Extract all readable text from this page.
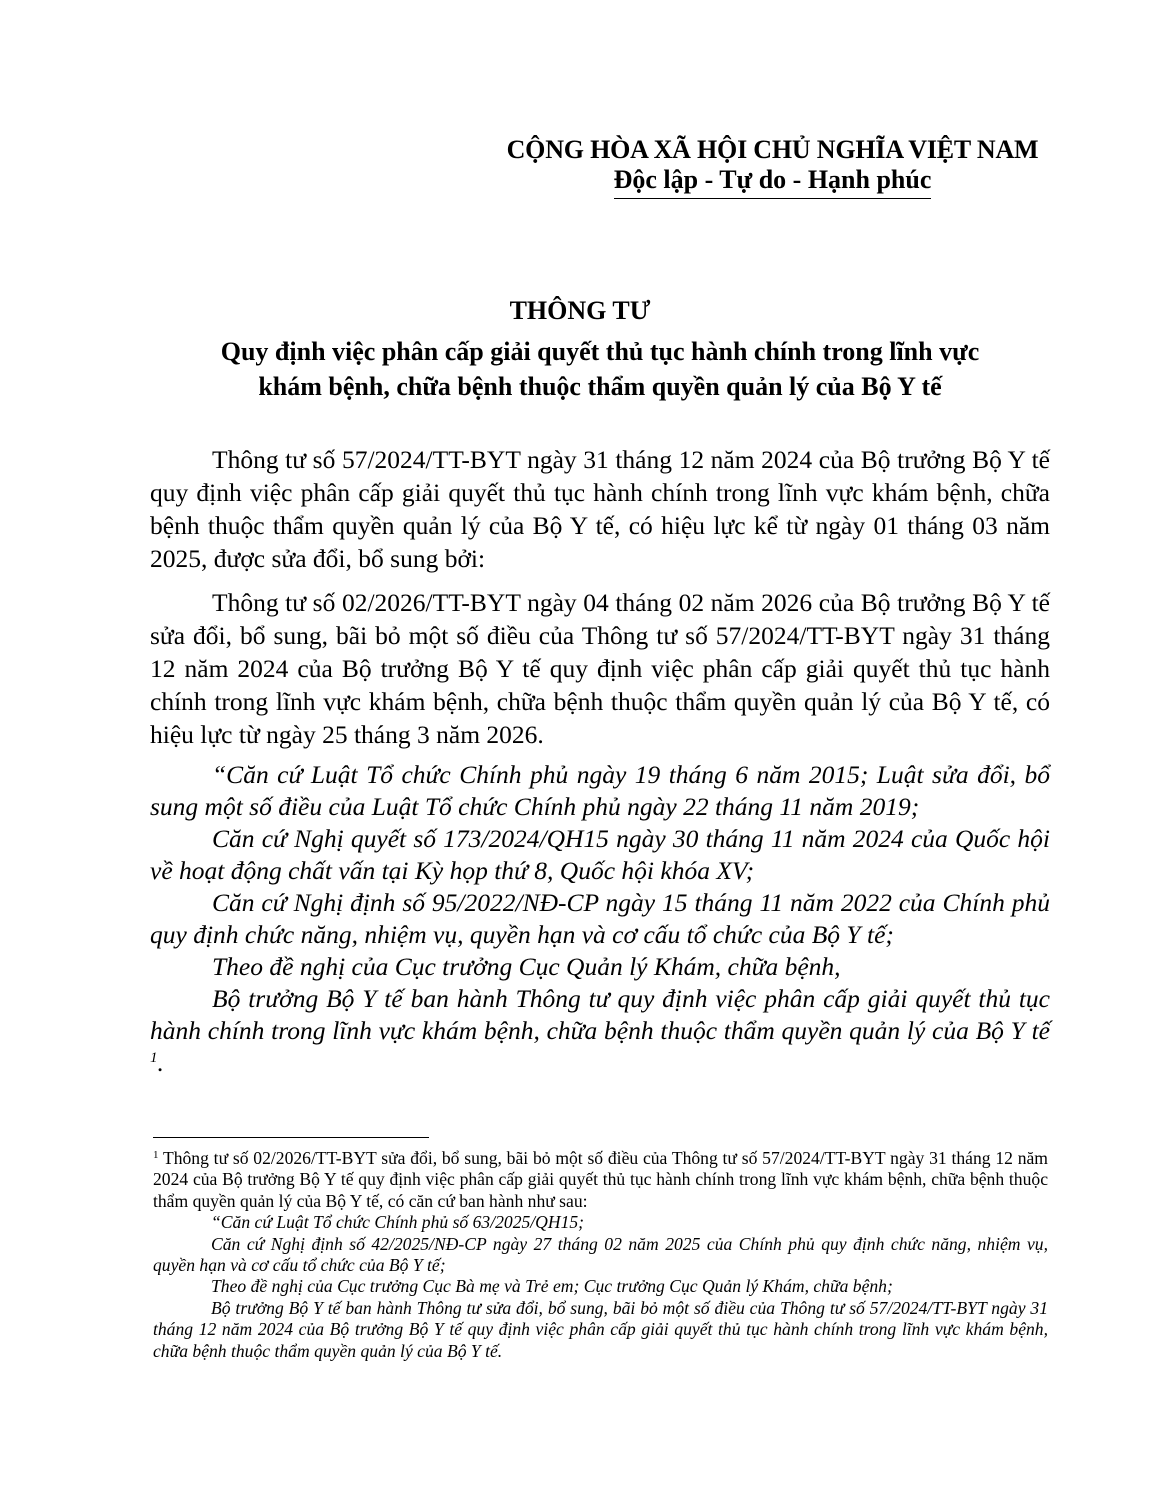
CỘNG HÒA XÃ HỘI CHỦ NGHĨA VIỆT NAM
Độc lập - Tự do - Hạnh phúc
THÔNG TƯ
Quy định việc phân cấp giải quyết thủ tục hành chính trong lĩnh vực
khám bệnh, chữa bệnh thuộc thẩm quyền quản lý của Bộ Y tế

Thông tư số 57/2024/TT-BYT ngày 31 tháng 12 năm 2024 của Bộ trưởng Bộ Y tế quy định việc phân cấp giải quyết thủ tục hành chính trong lĩnh vực khám bệnh, chữa bệnh thuộc thẩm quyền quản lý của Bộ Y tế, có hiệu lực kể từ ngày 01 tháng 03 năm 2025, được sửa đổi, bổ sung bởi:

Thông tư số 02/2026/TT-BYT ngày 04 tháng 02 năm 2026 của Bộ trưởng Bộ Y tế sửa đổi, bổ sung, bãi bỏ một số điều của Thông tư số 57/2024/TT-BYT ngày 31 tháng 12 năm 2024 của Bộ trưởng Bộ Y tế quy định việc phân cấp giải quyết thủ tục hành chính trong lĩnh vực khám bệnh, chữa bệnh thuộc thẩm quyền quản lý của Bộ Y tế, có hiệu lực từ ngày 25 tháng 3 năm 2026.

“Căn cứ Luật Tổ chức Chính phủ ngày 19 tháng 6 năm 2015; Luật sửa đổi, bổ sung một số điều của Luật Tổ chức Chính phủ ngày 22 tháng 11 năm 2019;

Căn cứ Nghị quyết số 173/2024/QH15 ngày 30 tháng 11 năm 2024 của Quốc hội về hoạt động chất vấn tại Kỳ họp thứ 8, Quốc hội khóa XV;

Căn cứ Nghị định số 95/2022/NĐ-CP ngày 15 tháng 11 năm 2022 của Chính phủ quy định chức năng, nhiệm vụ, quyền hạn và cơ cấu tổ chức của Bộ Y tế;

Theo đề nghị của Cục trưởng Cục Quản lý Khám, chữa bệnh,

Bộ trưởng Bộ Y tế ban hành Thông tư quy định việc phân cấp giải quyết thủ tục hành chính trong lĩnh vực khám bệnh, chữa bệnh thuộc thẩm quyền quản lý của Bộ Y tế $^1$.

$^1$ Thông tư số 02/2026/TT-BYT sửa đổi, bổ sung, bãi bỏ một số điều của Thông tư số 57/2024/TT-BYT ngày 31 tháng 12 năm 2024 của Bộ trưởng Bộ Y tế quy định việc phân cấp giải quyết thủ tục hành chính trong lĩnh vực khám bệnh, chữa bệnh thuộc thẩm quyền quản lý của Bộ Y tế, có căn cứ ban hành như sau:

“Căn cứ Luật Tổ chức Chính phủ số 63/2025/QH15;

Căn cứ Nghị định số 42/2025/NĐ-CP ngày 27 tháng 02 năm 2025 của Chính phủ quy định chức năng, nhiệm vụ, quyền hạn và cơ cấu tổ chức của Bộ Y tế;

Theo đề nghị của Cục trưởng Cục Bà mẹ và Trẻ em; Cục trưởng Cục Quản lý Khám, chữa bệnh;

Bộ trưởng Bộ Y tế ban hành Thông tư sửa đổi, bổ sung, bãi bỏ một số điều của Thông tư số 57/2024/TT-BYT ngày 31 tháng 12 năm 2024 của Bộ trưởng Bộ Y tế quy định việc phân cấp giải quyết thủ tục hành chính trong lĩnh vực khám bệnh, chữa bệnh thuộc thẩm quyền quản lý của Bộ Y tế.
